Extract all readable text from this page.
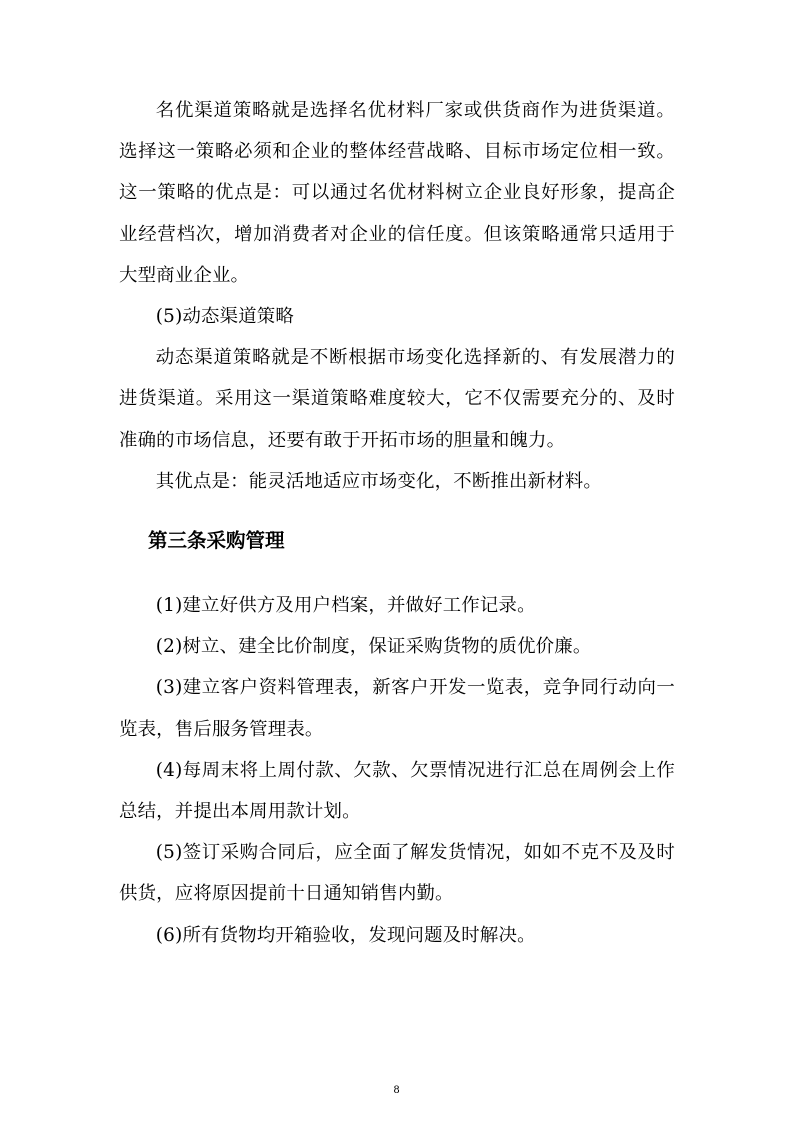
名优渠道策略就是选择名优材料厂家或供货商作为进货渠道。选择这一策略必须和企业的整体经营战略、目标市场定位相一致。这一策略的优点是：可以通过名优材料树立企业良好形象，提高企业经营档次，增加消费者对企业的信任度。但该策略通常只适用于大型商业企业。

(5)动态渠道策略

动态渠道策略就是不断根据市场变化选择新的、有发展潜力的进货渠道。采用这一渠道策略难度较大，它不仅需要充分的、及时准确的市场信息，还要有敢于开拓市场的胆量和魄力。

其优点是：能灵活地适应市场变化，不断推出新材料。

第三条采购管理

(1)建立好供方及用户档案，并做好工作记录。

(2)树立、建全比价制度，保证采购货物的质优价廉。

(3)建立客户资料管理表，新客户开发一览表，竞争同行动向一览表，售后服务管理表。

(4)每周末将上周付款、欠款、欠票情况进行汇总在周例会上作总结，并提出本周用款计划。

(5)签订采购合同后，应全面了解发货情况，如如不克不及及时供货，应将原因提前十日通知销售内勤。

(6)所有货物均开箱验收，发现问题及时解决。

8
